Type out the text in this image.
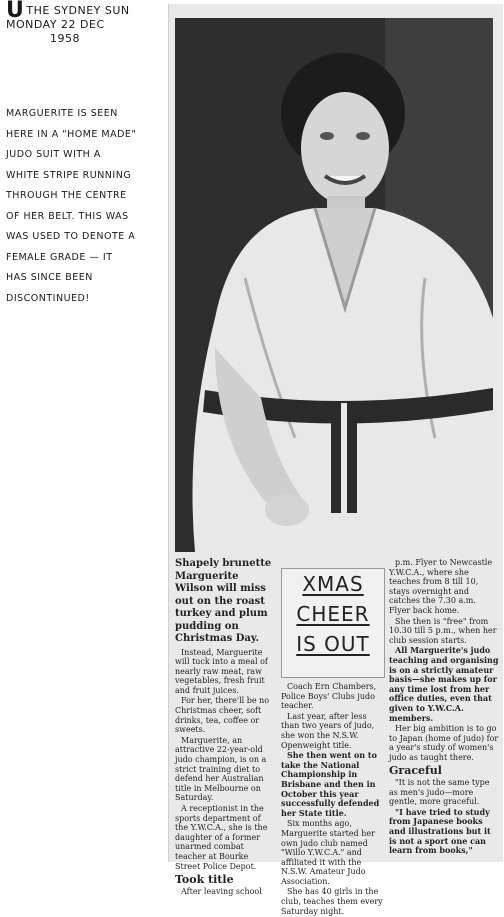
U THE SYDNEY SUN
MONDAY 22 DEC
1958
MARGUERITE IS SEEN
HERE IN A "HOME MADE"
JUDO SUIT WITH A
WHITE STRIPE RUNNING
THROUGH THE CENTRE
OF HER BELT. THIS WAS
WAS USED TO DENOTE A
FEMALE GRADE — IT
HAS SINCE BEEN
DISCONTINUED!

Shapely brunette Marguerite Wilson will miss out on the roast turkey and plum pudding on Christmas Day.

Instead, Marguerite will tuck into a meal of nearly raw meat, raw vegetables, fresh fruit and fruit juices.

For her, there'll be no Christmas cheer, soft drinks, tea, coffee or sweets.

Marguerite, an attractive 22-year-old judo champion, is on a strict training diet to defend her Australian title in Melbourne on Saturday.

A receptionist in the sports department of the Y.W.C.A., she is the daughter of a former unarmed combat teacher at Bourke Street Police Depot.

Took title

After leaving school

XMAS
CHEER
IS OUT

Coach Ern Chambers, Police Boys' Clubs judo teacher.

Last year, after less than two years of judo, she won the N.S.W. Openweight title.

She then went on to take the National Championship in Brisbane and then in October this year successfully defended her State title.

Six months ago, Marguerite started her own judo club named "Willo Y.W.C.A." and affiliated it with the N.S.W. Amateur Judo Association.

She has 40 girls in the club, teaches them every Saturday night.

p.m. Flyer to Newcastle Y.W.C.A., where she teaches from 8 till 10, stays overnight and catches the 7.30 a.m. Flyer back home.

She then is "free" from 10.30 till 5 p.m., when her club session starts.

All Marguerite's judo teaching and organising is on a strictly amateur basis—she makes up for any time lost from her office duties, even that given to Y.W.C.A. members.

Her big ambition is to go to Japan (home of judo) for a year's study of women's judo as taught there.

Graceful

"It is not the same type as men's judo—more gentle, more graceful.

"I have tried to study from Japanese books and illustrations but it is not a sport one can learn from books,"
